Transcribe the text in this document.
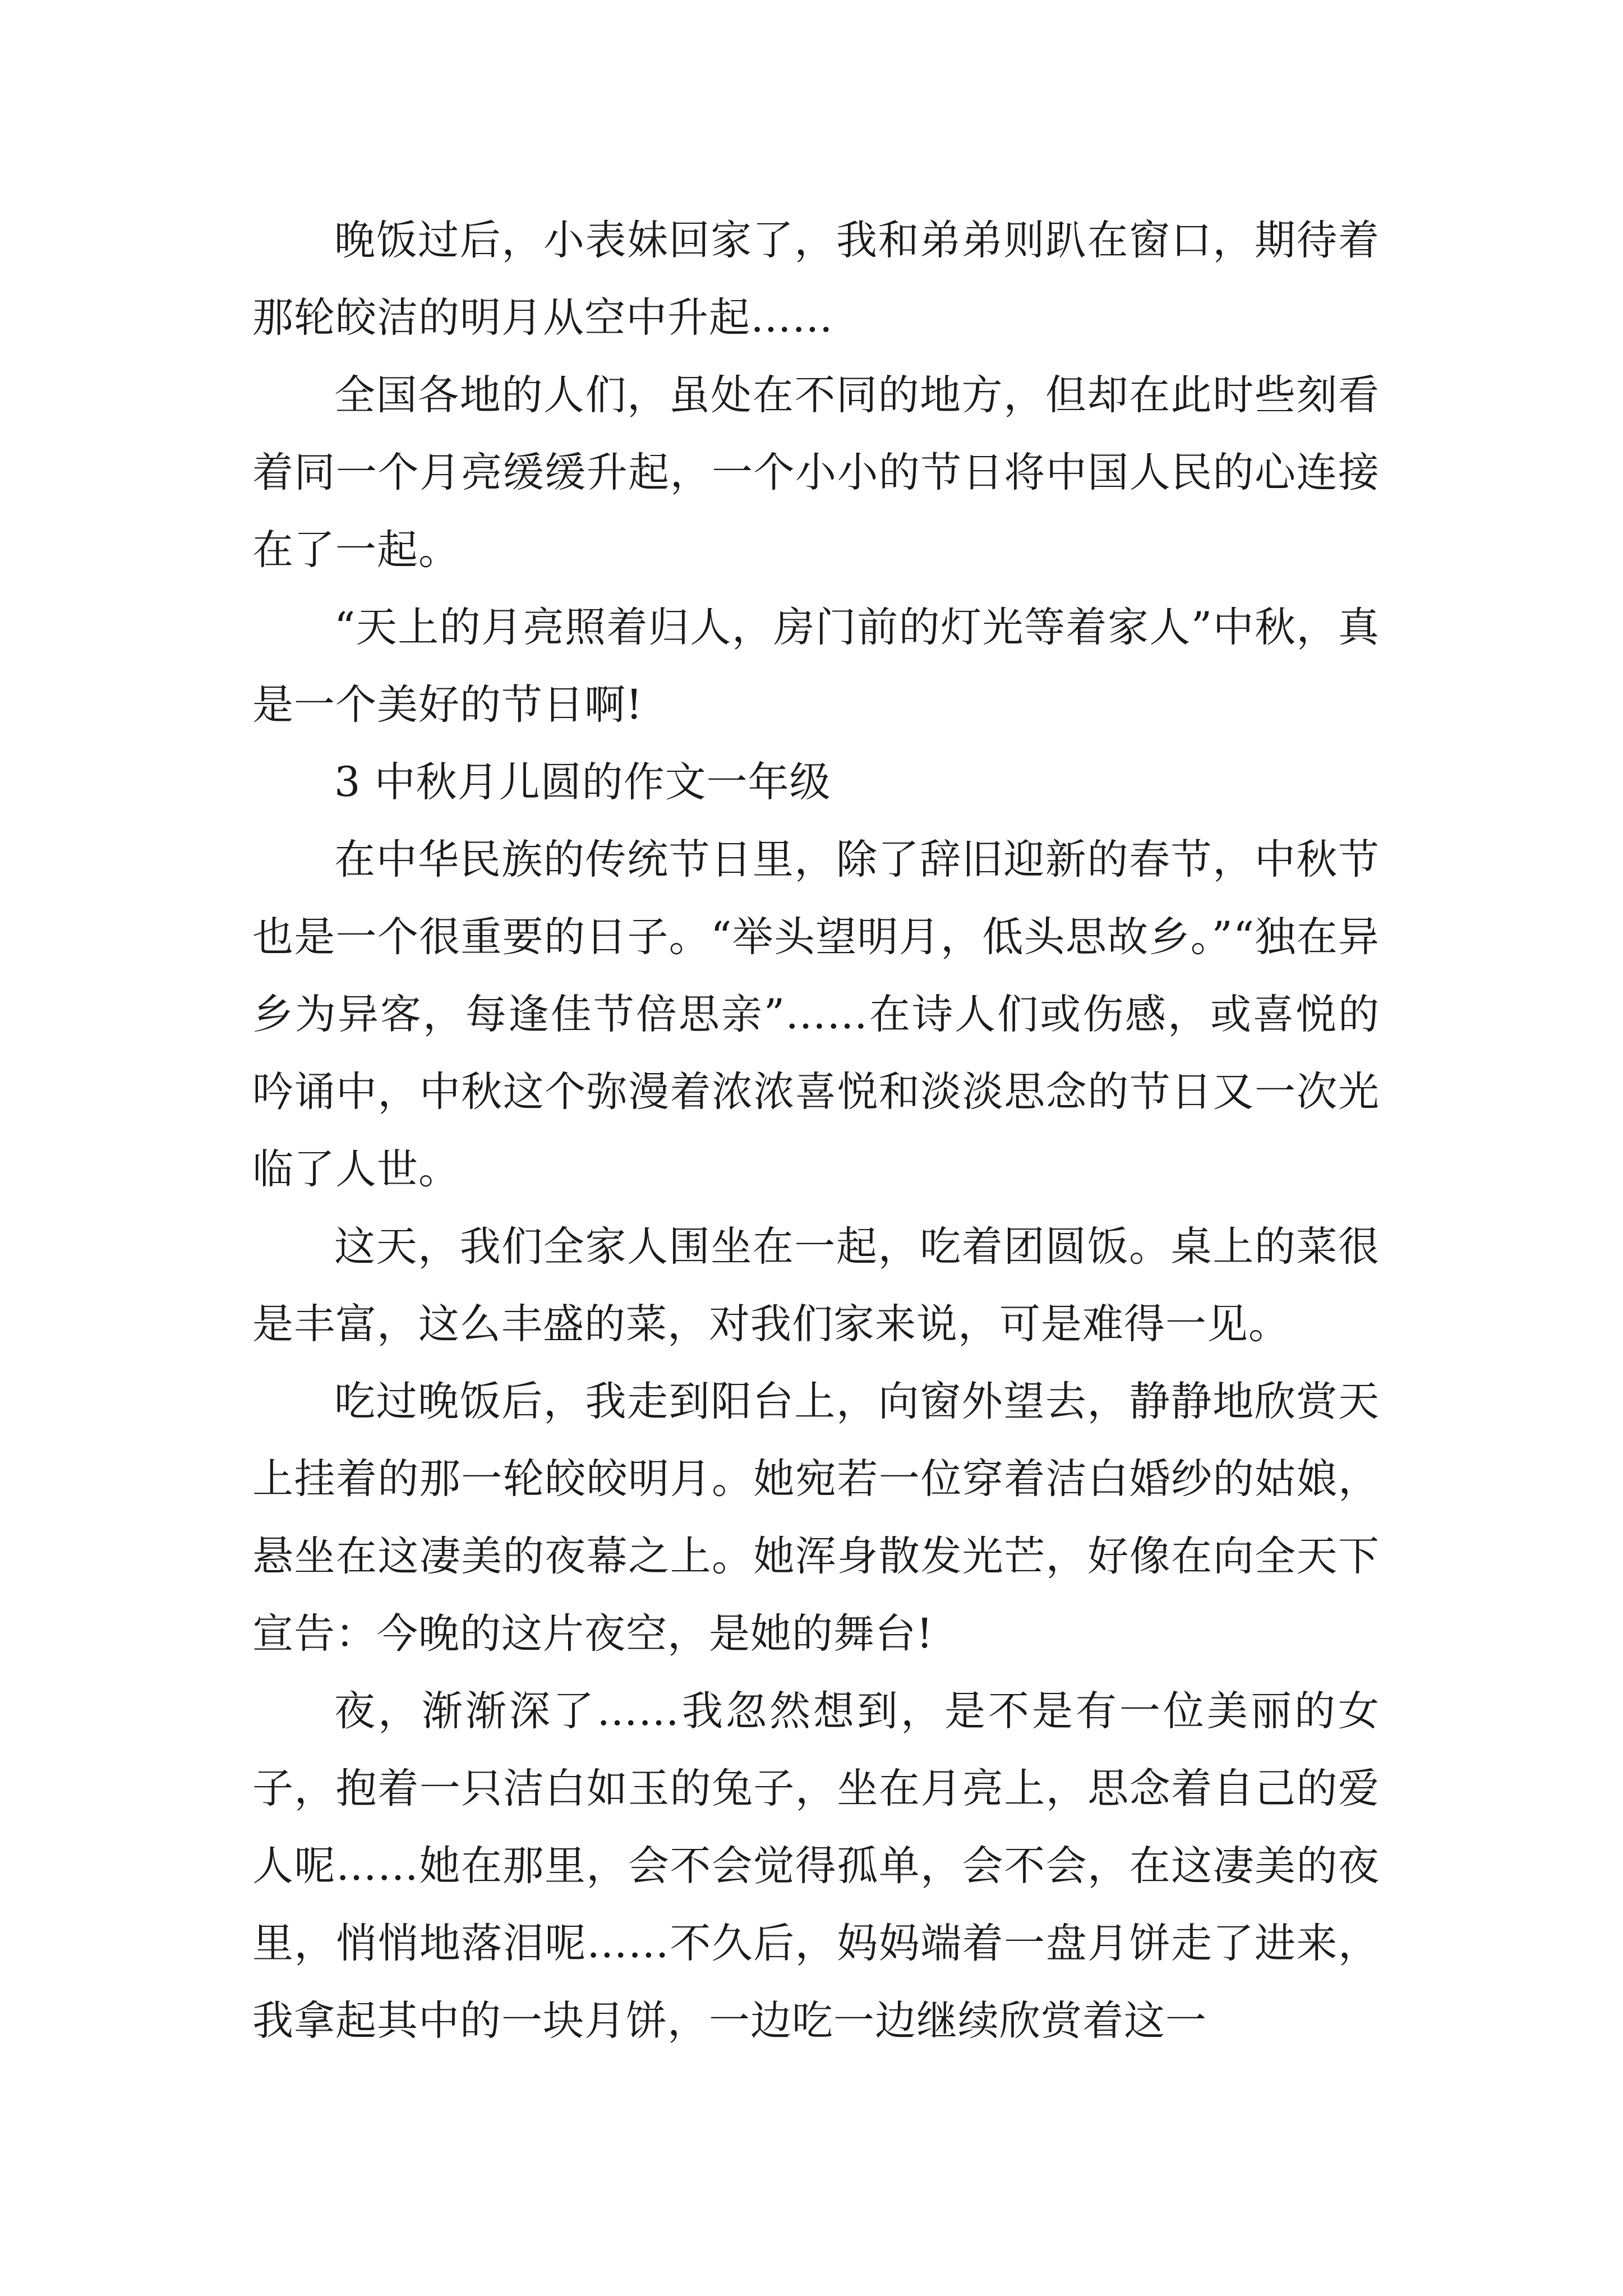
晚饭过后，小表妹回家了，我和弟弟则趴在窗口，期待着那轮皎洁的明月从空中升起……

全国各地的人们，虽处在不同的地方，但却在此时些刻看着同一个月亮缓缓升起，一个小小的节日将中国人民的心连接在了一起。

“天上的月亮照着归人，房门前的灯光等着家人”中秋，真是一个美好的节日啊!

3 中秋月儿圆的作文一年级

在中华民族的传统节日里，除了辞旧迎新的春节，中秋节也是一个很重要的日子。“举头望明月，低头思故乡。”“独在异乡为异客，每逢佳节倍思亲”……在诗人们或伤感，或喜悦的吟诵中，中秋这个弥漫着浓浓喜悦和淡淡思念的节日又一次光临了人世。

这天，我们全家人围坐在一起，吃着团圆饭。桌上的菜很是丰富，这么丰盛的菜，对我们家来说，可是难得一见。

吃过晚饭后，我走到阳台上，向窗外望去，静静地欣赏天上挂着的那一轮皎皎明月。她宛若一位穿着洁白婚纱的姑娘，悬坐在这凄美的夜幕之上。她浑身散发光芒，好像在向全天下宣告：今晚的这片夜空，是她的舞台!

夜，渐渐深了……我忽然想到，是不是有一位美丽的女子，抱着一只洁白如玉的兔子，坐在月亮上，思念着自己的爱人呢……她在那里，会不会觉得孤单，会不会，在这凄美的夜里，悄悄地落泪呢……不久后，妈妈端着一盘月饼走了进来，我拿起其中的一块月饼，一边吃一边继续欣赏着这一
